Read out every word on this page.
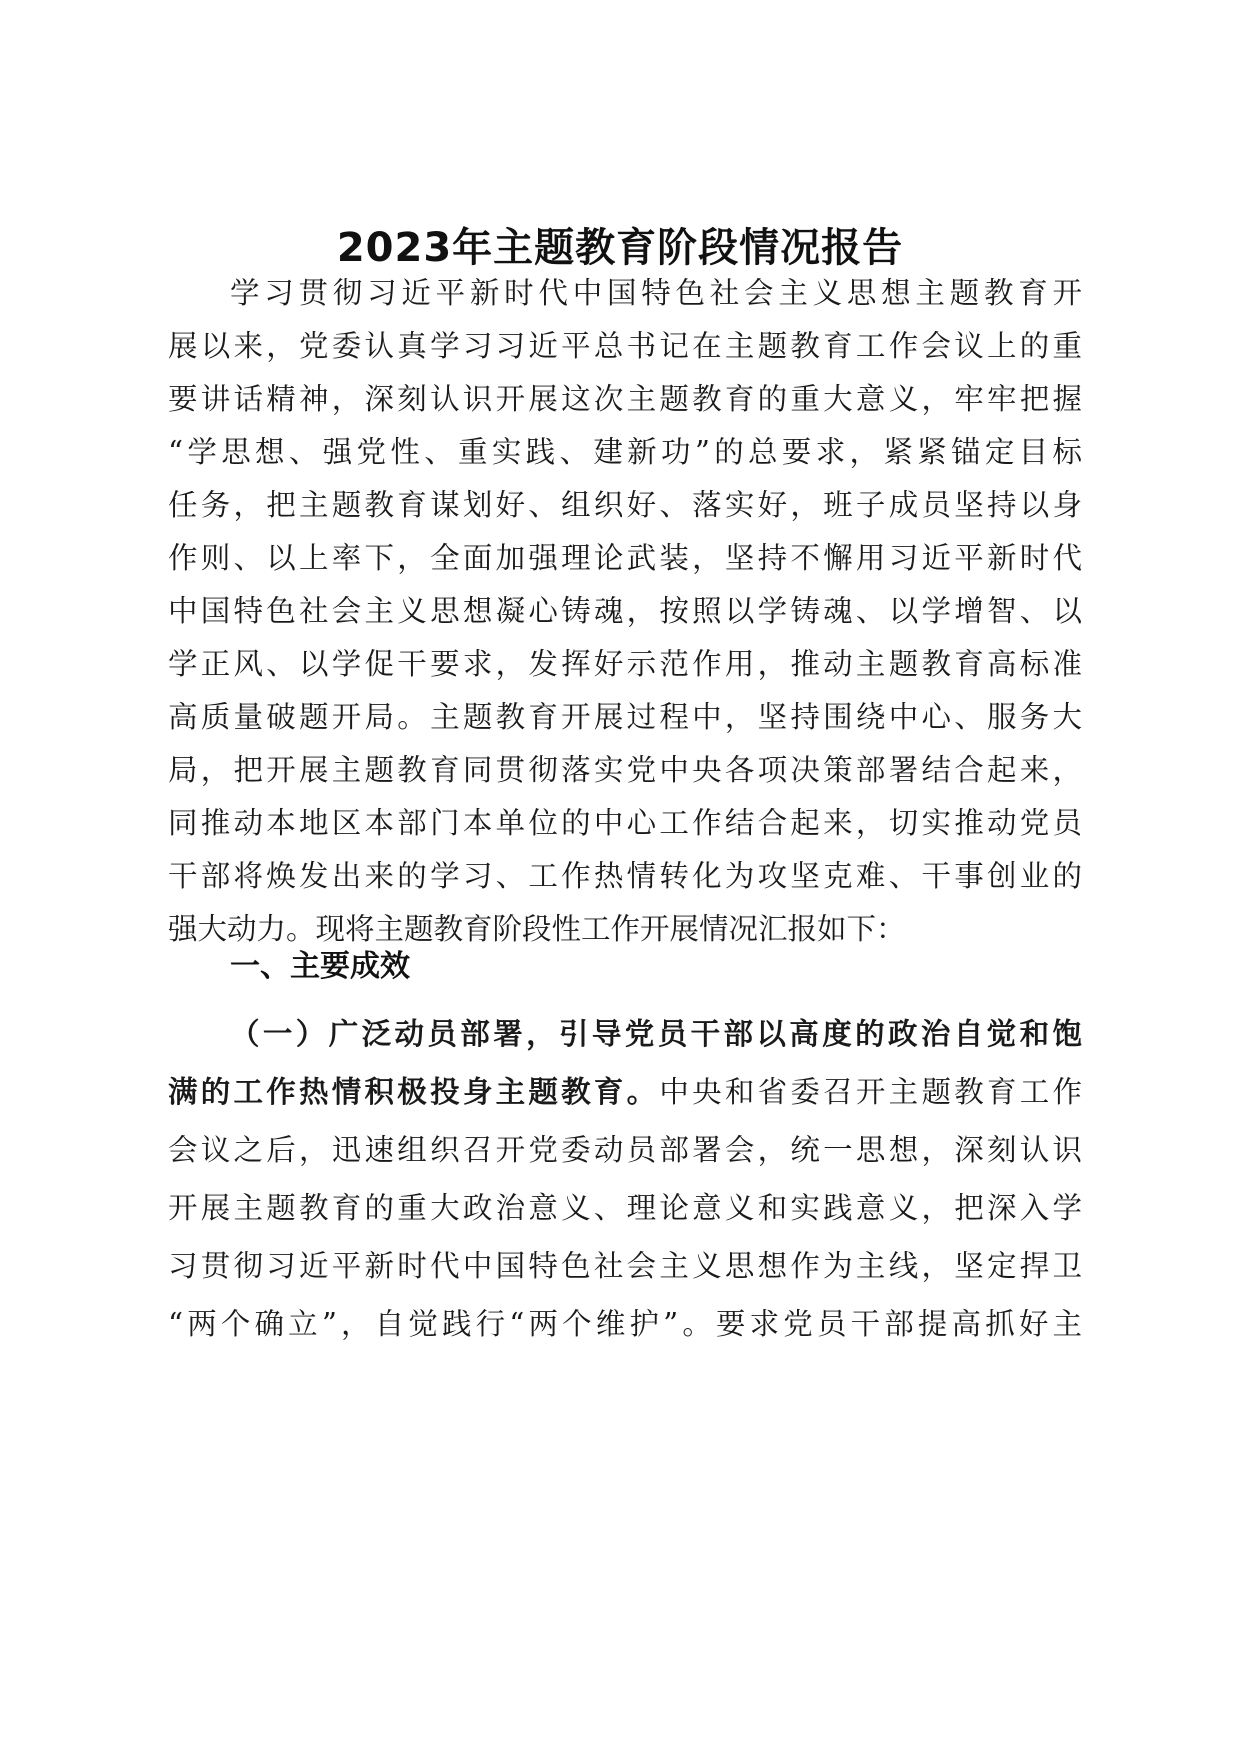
2023年主题教育阶段情况报告
学习贯彻习近平新时代中国特色社会主义思想主题教育开
展以来，党委认真学习习近平总书记在主题教育工作会议上的重
要讲话精神，深刻认识开展这次主题教育的重大意义，牢牢把握
“学思想、强党性、重实践、建新功”的总要求，紧紧锚定目标
任务，把主题教育谋划好、组织好、落实好，班子成员坚持以身
作则、以上率下，全面加强理论武装，坚持不懈用习近平新时代
中国特色社会主义思想凝心铸魂，按照以学铸魂、以学增智、以
学正风、以学促干要求，发挥好示范作用，推动主题教育高标准
高质量破题开局。主题教育开展过程中，坚持围绕中心、服务大
局，把开展主题教育同贯彻落实党中央各项决策部署结合起来，
同推动本地区本部门本单位的中心工作结合起来，切实推动党员
干部将焕发出来的学习、工作热情转化为攻坚克难、干事创业的
强大动力。现将主题教育阶段性工作开展情况汇报如下：
一、主要成效
（一）广泛动员部署，引导党员干部以高度的政治自觉和饱
满的工作热情积极投身主题教育。中央和省委召开主题教育工作
会议之后，迅速组织召开党委动员部署会，统一思想，深刻认识
开展主题教育的重大政治意义、理论意义和实践意义，把深入学
习贯彻习近平新时代中国特色社会主义思想作为主线，坚定捍卫
“两个确立”，自觉践行“两个维护”。要求党员干部提高抓好主
